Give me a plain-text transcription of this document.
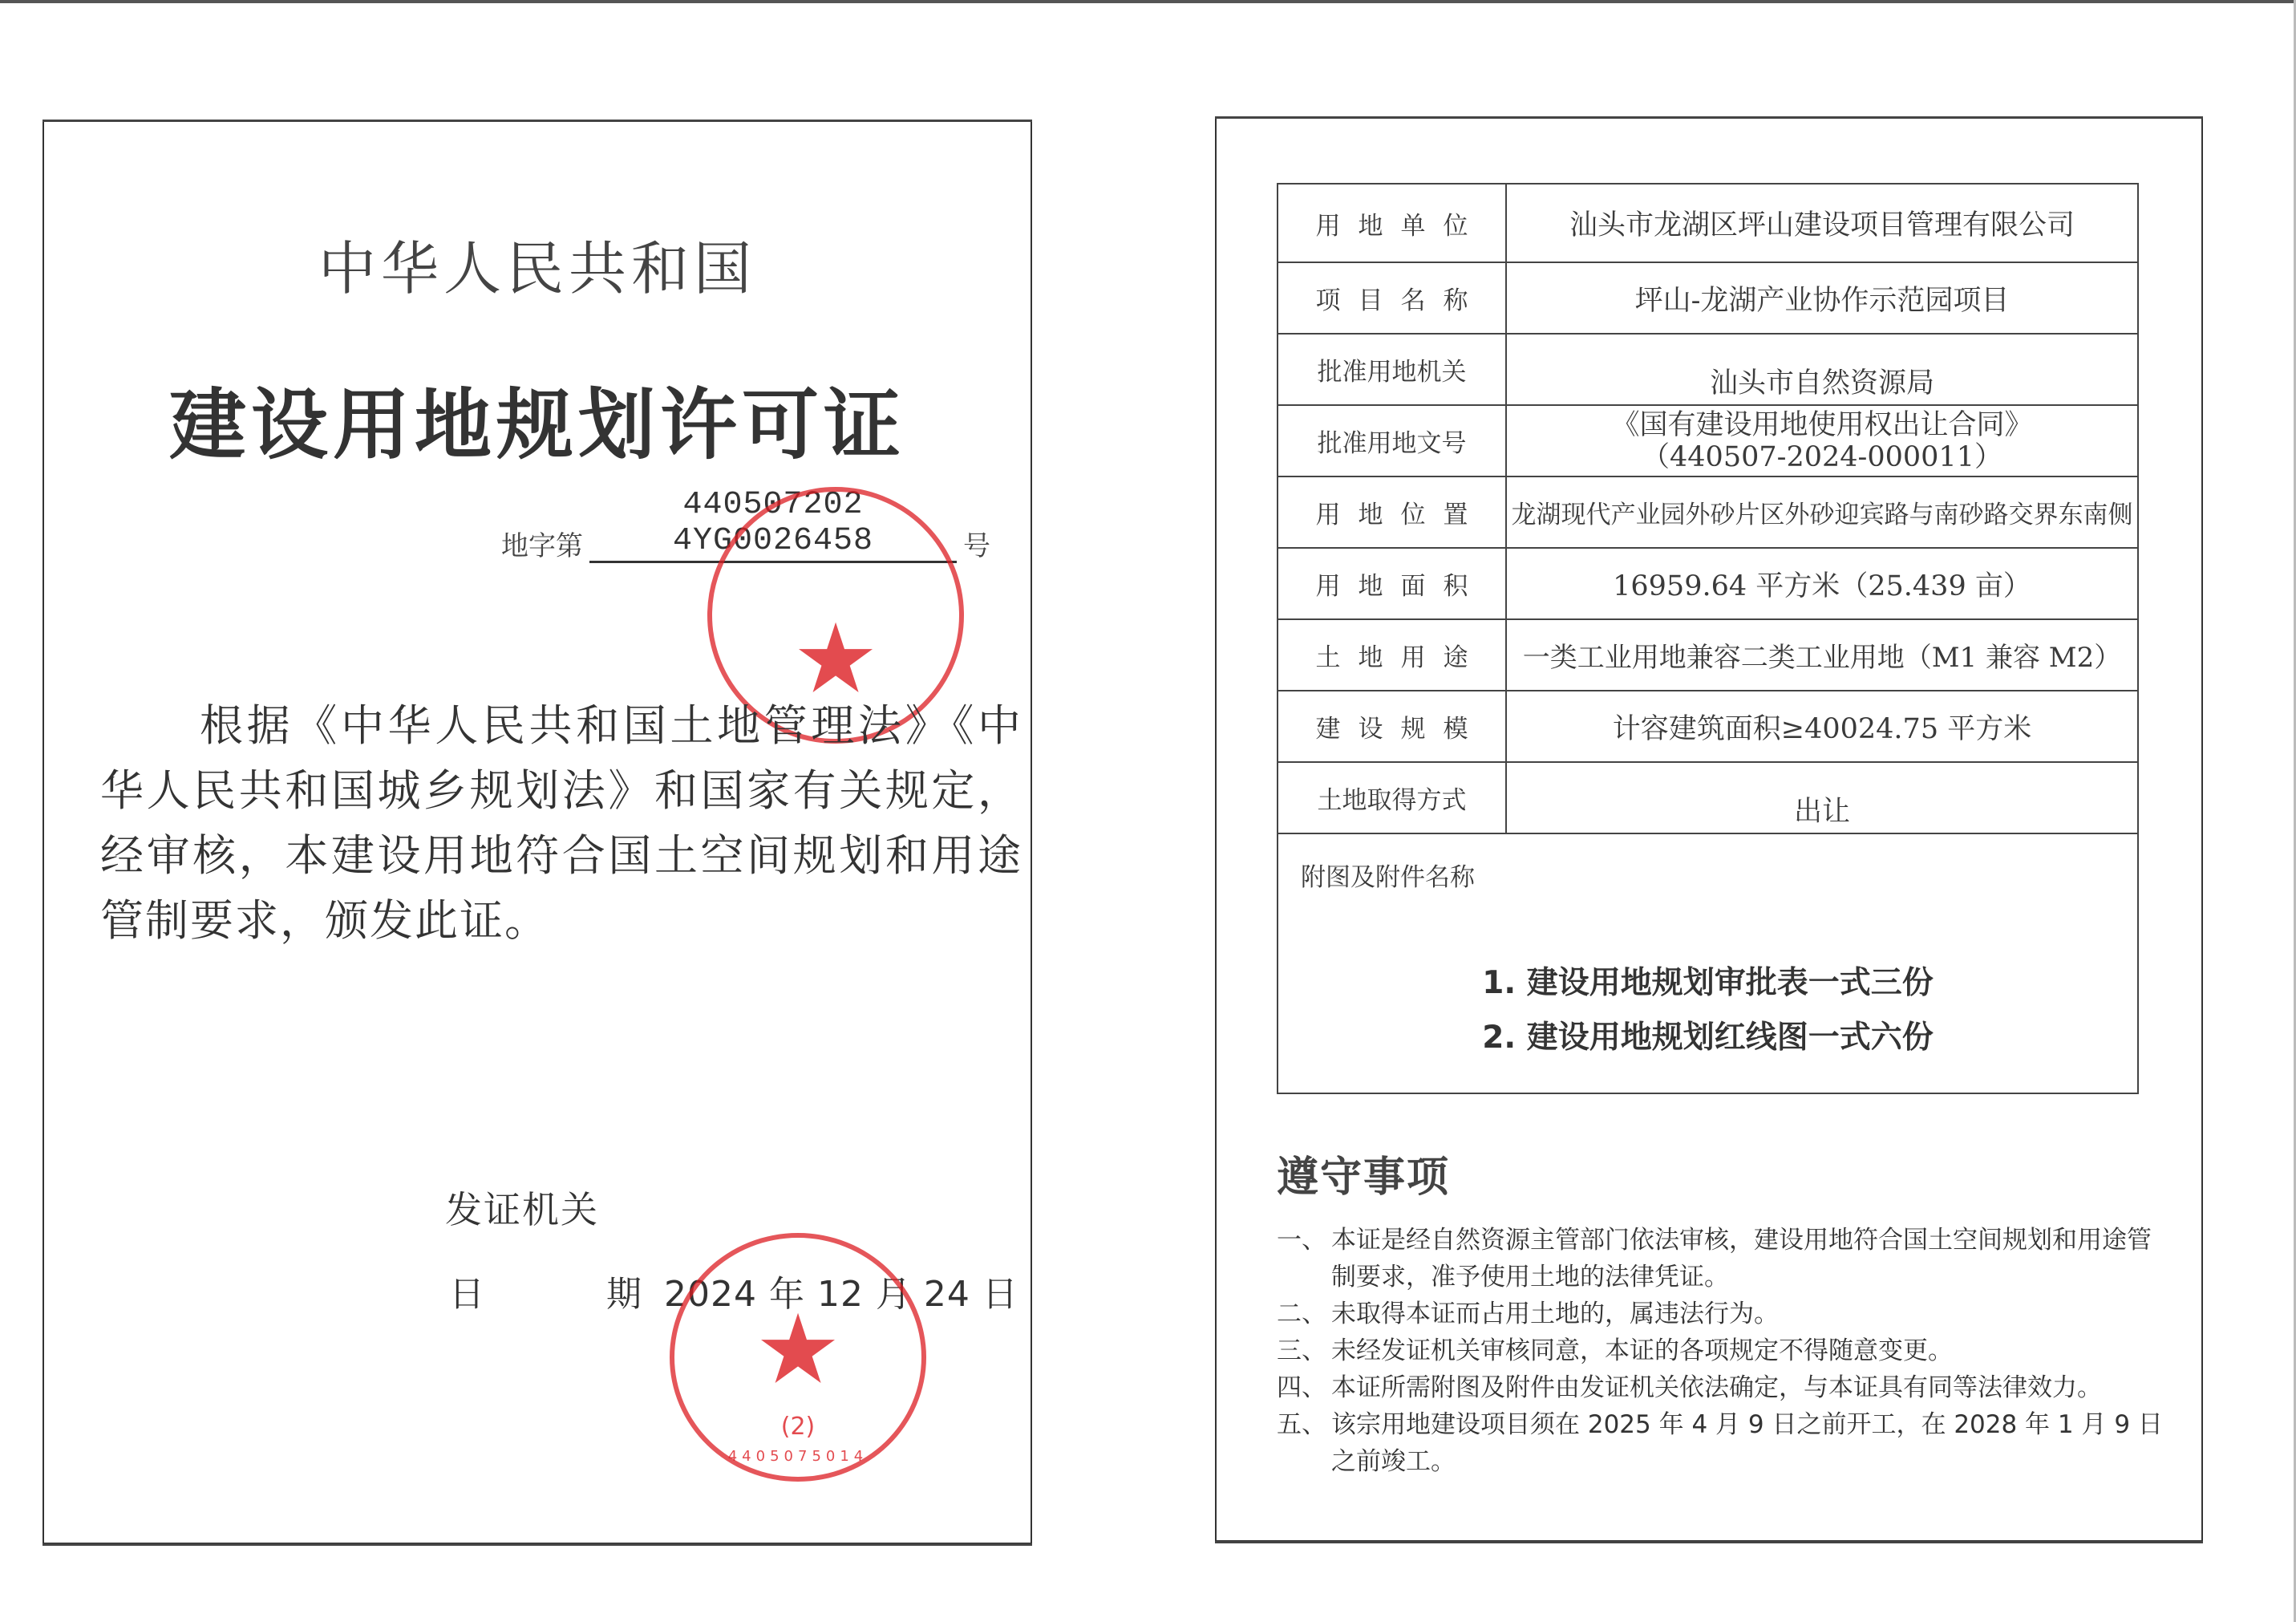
中华人民共和国
建设用地规划许可证
地字第
440507202 4YG0026458	号
★
根据《中华人民共和国土地管理法》《中华人民共和国城乡规划法》和国家有关规定，经审核，本建设用地符合国土空间规划和用途管制要求，颁发此证。
发证机关
日	期 2024 年 12 月 24 日
★
(2)
4405075014
用地单位	汕头市龙湖区坪山建设项目管理有限公司
项目名称	坪山-龙湖产业协作示范园项目
批准用地机关	汕头市自然资源局
批准用地文号	《国有建设用地使用权出让合同》
（440507-2024-000011）

用地位置	龙湖现代产业园外砂片区外砂迎宾路与南砂路交界东南侧
用地面积	16959.64 平方米（25.439 亩）
土地用途	一类工业用地兼容二类工业用地（M1 兼容 M2）
建设规模	计容建筑面积≥40024.75 平方米
土地取得方式	出让

附图及附件名称
1. 建设用地规划审批表一式三份
2. 建设用地规划红线图一式六份	
遵守事项
一、 本证是经自然资源主管部门依法审核，建设用地符合国土空间规划和用途管制要求，准予使用土地的法律凭证。
二、 未取得本证而占用土地的，属违法行为。
三、 未经发证机关审核同意，本证的各项规定不得随意变更。
四、 本证所需附图及附件由发证机关依法确定，与本证具有同等法律效力。
五、 该宗用地建设项目须在 2025 年 4 月 9 日之前开工，在 2028 年 1 月 9 日之前竣工。
